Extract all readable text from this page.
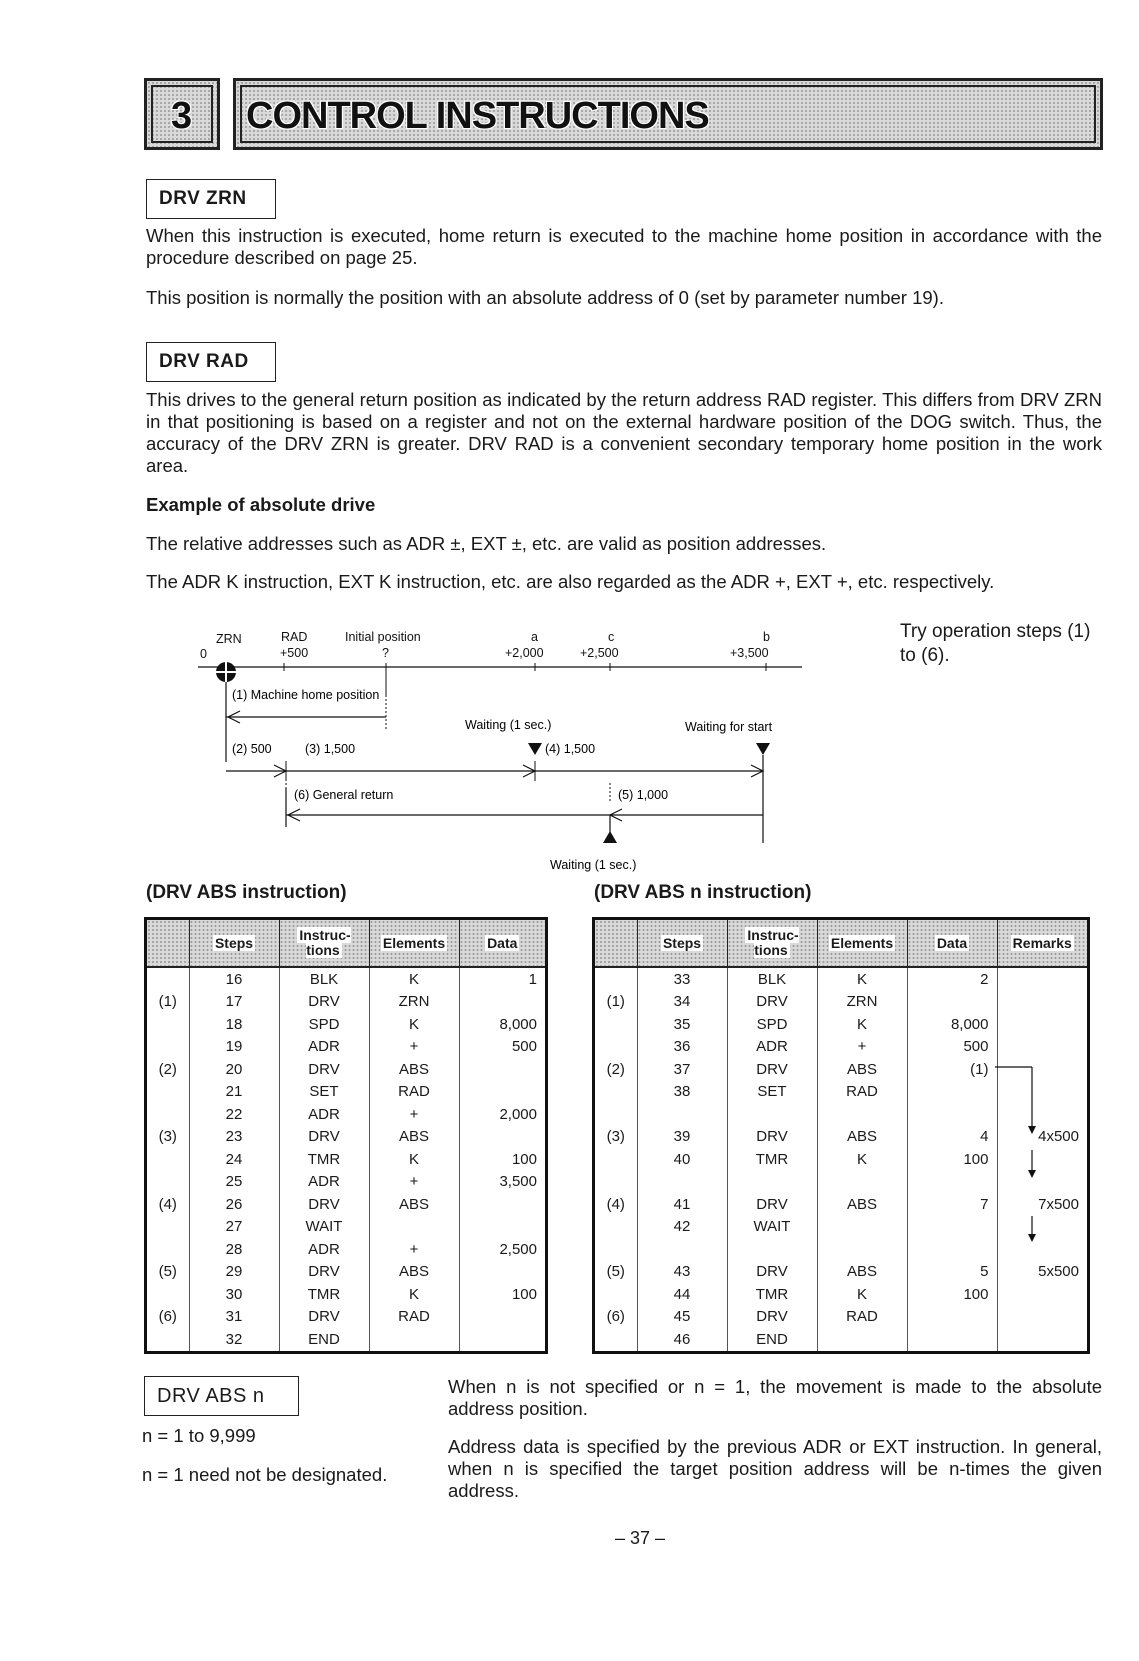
3 CONTROL INSTRUCTIONS
DRV ZRN
When this instruction is executed, home return is executed to the machine home position in accordance with the procedure described on page 25.
This position is normally the position with an absolute address of 0 (set by parameter number 19).
DRV RAD
This drives to the general return position as indicated by the return address RAD register. This differs from DRV ZRN in that positioning is based on a register and not on the external hardware position of the DOG switch. Thus, the accuracy of the DRV ZRN is greater. DRV RAD is a convenient secondary temporary home position in the work area.
Example of absolute drive
The relative addresses such as ADR ±, EXT ±, etc. are valid as position addresses.
The ADR K instruction, EXT K instruction, etc. are also regarded as the ADR +, EXT +, etc. respectively.
Try operation steps (1) to (6).
ZRN
0
RAD
+500
Initial position
?
a
+2,000
c
+2,500
b
+3,500
(1) Machine home position
Waiting (1 sec.)	Waiting for start
(2) 500	(3) 1,500	(4) 1,500
(6) General return	(5) 1,000
Waiting (1 sec.)
(DRV ABS instruction)	(DRV ABS n instruction)
	Steps	Instruc-
tions	Elements	Data
	16	BLK	K	1
(1)	17	DRV	ZRN	
	18	SPD	K	8,000
	19	ADR	+	500
(2)	20	DRV	ABS	
	21	SET	RAD	
	22	ADR	+	2,000
(3)	23	DRV	ABS	
	24	TMR	K	100
	25	ADR	+	3,500
(4)	26	DRV	ABS	
	27	WAIT		
	28	ADR	+	2,500
(5)	29	DRV	ABS	
	30	TMR	K	100
(6)	31	DRV	RAD	
	32	END		
	Steps	Instruc-
tions	Elements	Data	Remarks
	33	BLK	K	2	
(1)	34	DRV	ZRN		
	35	SPD	K	8,000	
	36	ADR	+	500	
(2)	37	DRV	ABS	(1)	
	38	SET	RAD		

(3)	39	DRV	ABS	4	4x500
	40	TMR	K	100	

(4)	41	DRV	ABS	7	7x500
	42	WAIT			

(5)	43	DRV	ABS	5	5x500
	44	TMR	K	100	
(6)	45	DRV	RAD		
	46	END			
DRV ABS n
n = 1 to 9,999
n = 1 need not be designated.
When n is not specified or n = 1, the movement is made to the absolute address position.
Address data is specified by the previous ADR or EXT instruction. In general, when n is specified the target position address will be n-times the given address.
– 37 –
